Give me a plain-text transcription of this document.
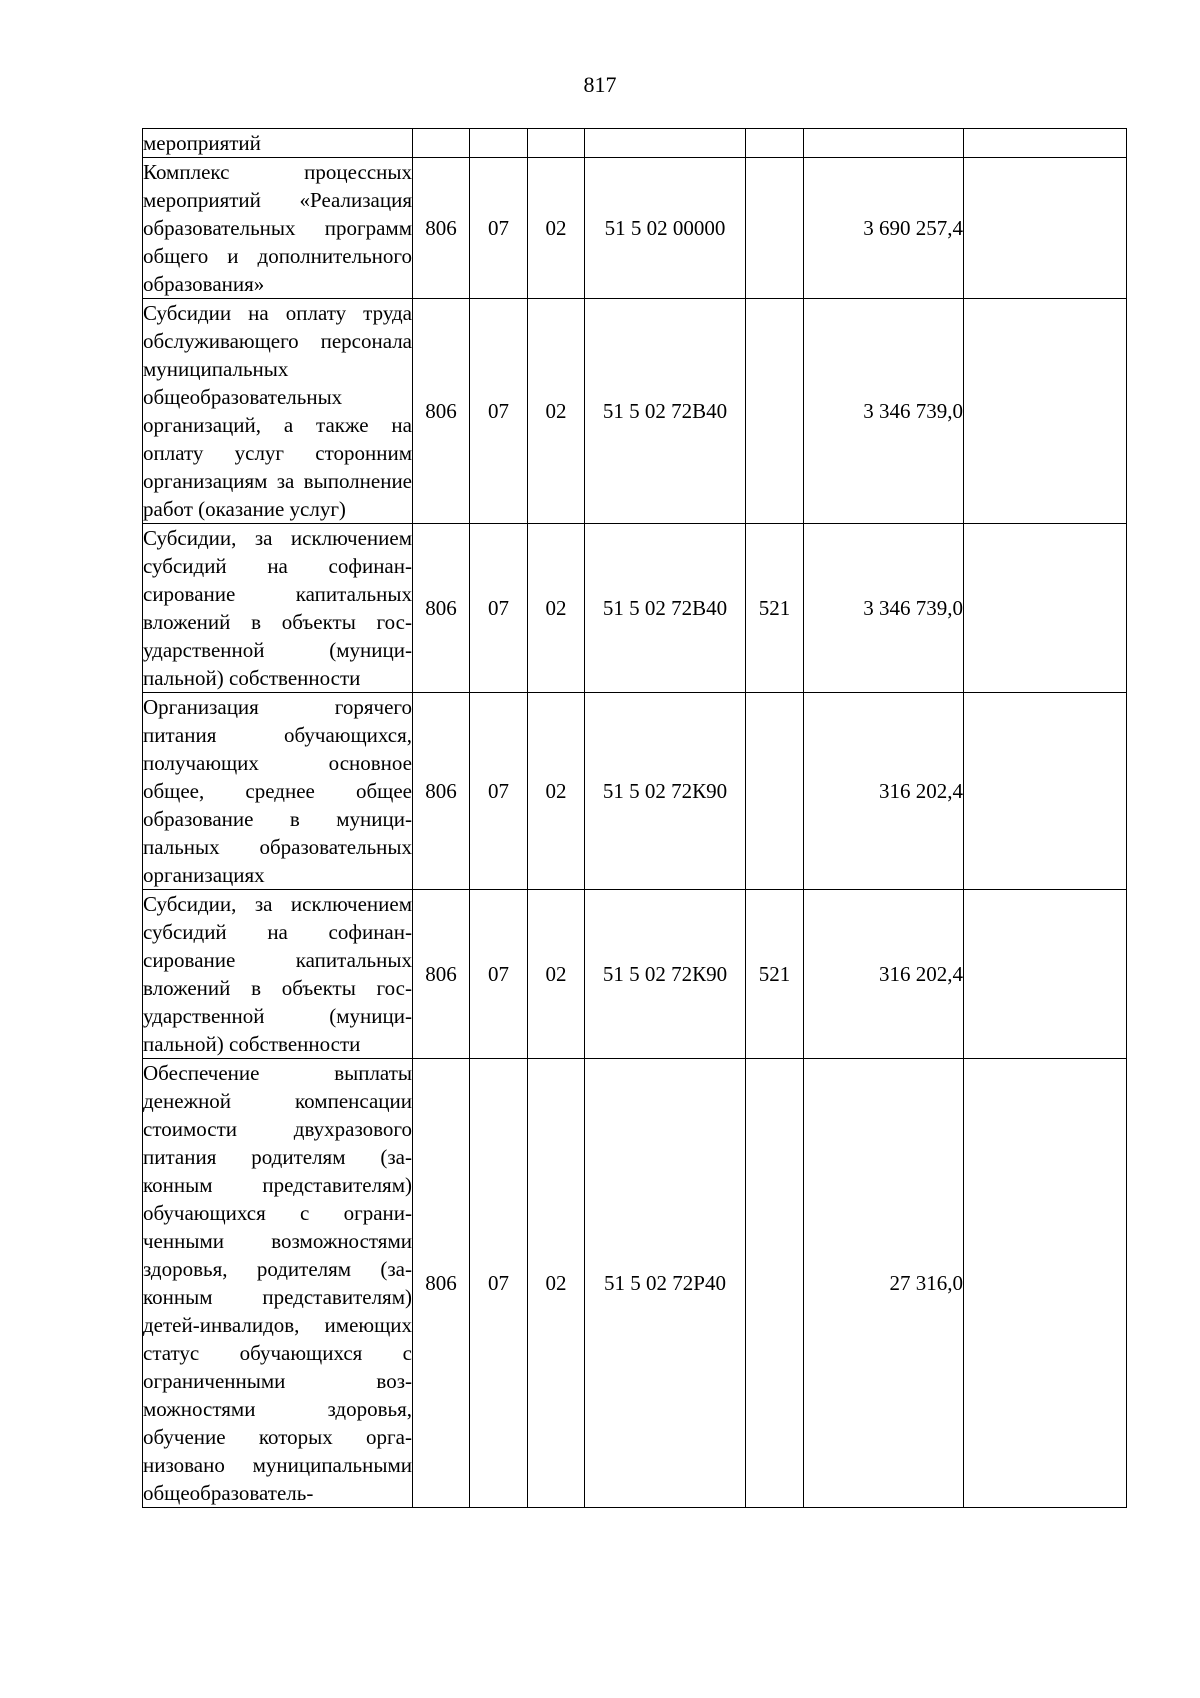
817
мероприятий							
Комплекс процессных мероприятий «Реализация образовательных программ общего и дополнительного образования»	806	07	02	51 5 02 00000		3 690 257,4	
Субсидии на оплату труда обслуживающего персонала муниципальных общеобразовательных организаций, а также на оплату услуг сторонним организациям за выполнение работ (оказание услуг)	806	07	02	51 5 02 72В40		3 346 739,0	
Субсидии, за исключением субсидий на софинансирование капитальных вложений в объекты государственной (муниципальной) собственности	806	07	02	51 5 02 72В40	521	3 346 739,0	
Организация горячего питания обучающихся, получающих основное общее, среднее общее образование в муниципальных образовательных организациях	806	07	02	51 5 02 72К90		316 202,4	
Субсидии, за исключением субсидий на софинансирование капитальных вложений в объекты государственной (муниципальной) собственности	806	07	02	51 5 02 72К90	521	316 202,4	
Обеспечение выплаты денежной компенсации стоимости двухразового питания родителям (законным представителям) обучающихся с ограниченными возможностями здоровья, родителям (законным представителям) детей-инвалидов, имеющих статус обучающихся с ограниченными возможностями здоровья, обучение которых организовано муниципальными общеобразователь-	806	07	02	51 5 02 72Р40		27 316,0	
